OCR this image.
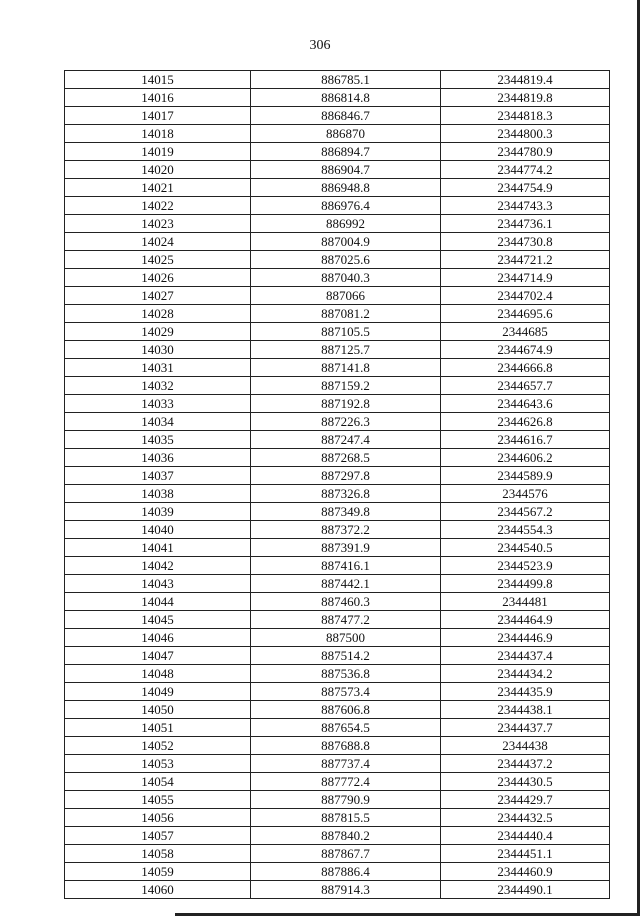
306
14015	886785.1	2344819.4
14016	886814.8	2344819.8
14017	886846.7	2344818.3
14018	886870	2344800.3
14019	886894.7	2344780.9
14020	886904.7	2344774.2
14021	886948.8	2344754.9
14022	886976.4	2344743.3
14023	886992	2344736.1
14024	887004.9	2344730.8
14025	887025.6	2344721.2
14026	887040.3	2344714.9
14027	887066	2344702.4
14028	887081.2	2344695.6
14029	887105.5	2344685
14030	887125.7	2344674.9
14031	887141.8	2344666.8
14032	887159.2	2344657.7
14033	887192.8	2344643.6
14034	887226.3	2344626.8
14035	887247.4	2344616.7
14036	887268.5	2344606.2
14037	887297.8	2344589.9
14038	887326.8	2344576
14039	887349.8	2344567.2
14040	887372.2	2344554.3
14041	887391.9	2344540.5
14042	887416.1	2344523.9
14043	887442.1	2344499.8
14044	887460.3	2344481
14045	887477.2	2344464.9
14046	887500	2344446.9
14047	887514.2	2344437.4
14048	887536.8	2344434.2
14049	887573.4	2344435.9
14050	887606.8	2344438.1
14051	887654.5	2344437.7
14052	887688.8	2344438
14053	887737.4	2344437.2
14054	887772.4	2344430.5
14055	887790.9	2344429.7
14056	887815.5	2344432.5
14057	887840.2	2344440.4
14058	887867.7	2344451.1
14059	887886.4	2344460.9
14060	887914.3	2344490.1
